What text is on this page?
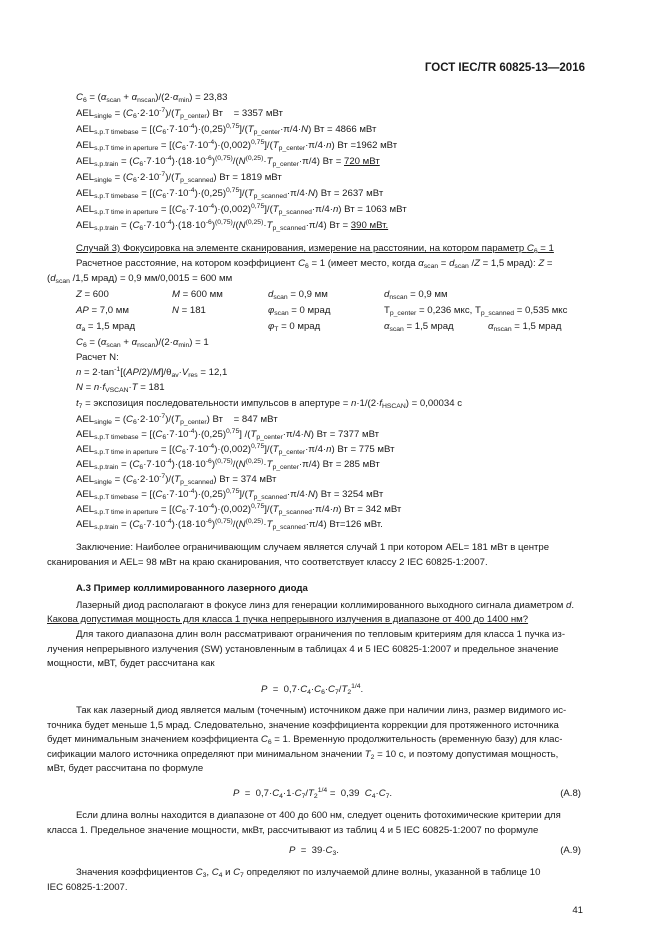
ГОСТ IEC/TR 60825-13—2016
$C_6 = (\alpha_{scan} + \alpha_{nscan})/(2\cdot\alpha_{min}) = 23,83$
$AEL_{single} = (C_6\cdot 2\cdot 10^{-7})/(T_{p\_center})$ Вт    = 3357 мВт
$AEL_{s.p.T timebase} = [(C_6\cdot 7\cdot 10^{-4})\cdot(0,25)^{0,75}]/(T_{p\_center}\cdot\pi/4\cdot N)$ Вт = 4866 мВт
$AEL_{s.p.T time in aperture} = [(C_6\cdot 7\cdot 10^{-4})\cdot(0,002)^{0,75}]/(T_{p\_center}\cdot\pi/4\cdot n)$ Вт =1962 мВт
$AEL_{s.p.train} = (C_6\cdot 7\cdot 10^{-4})\cdot(18\cdot 10^{-6})^{(0,75)}/(N^{(0,25)}\cdot T_{p\_center}\cdot\pi/4)$ Вт = 720 мВт
$AEL_{single} = (C_6\cdot 2\cdot 10^{-7})/(T_{p\_scanned})$ Вт = 1819 мВт
$AEL_{s.p.T timebase} = [(C_6\cdot 7\cdot 10^{-4})\cdot(0,25)^{0,75}]/(T_{p\_scanned}\cdot\pi/4\cdot N)$ Вт = 2637 мВт
$AEL_{s.p.T time in aperture} = [(C_6\cdot 7\cdot 10^{-4})\cdot(0,002)^{0,75}]/(T_{p\_scanned}\cdot\pi/4\cdot n)$ Вт = 1063 мВт
$AEL_{s.p.train} = (C_6\cdot 7\cdot 10^{-4})\cdot(18\cdot 10^{-6})^{(0,75)}/(N^{(0,25)}\cdot T_{p\_scanned}\cdot\pi/4)$ Вт = 390 мВт.
Случай 3) Фокусировка на элементе сканирования, измерение на расстоянии, на котором параметр $C_6 = 1$
Расчетное расстояние, на котором коэффициент $C_6 = 1$ (имеет место, когда $\alpha_{scan} = d_{scan}$ /Z = 1,5 мрад): Z =
($d_{scan}$ /1,5 мрад) = 0,9 мм/0,0015 = 600 мм
Z = 600	M = 600 мм	$d_{scan} = 0,9$ мм	$d_{nscan} = 0,9$ мм
AP = 7,0 мм	N = 181	$\varphi_{scan} = 0$ мрад	$T_{p\_center} = 0,236$ мкс, $T_{p\_scanned} = 0,535$ мкс
$\alpha_a = 1,5$ мрад	$\varphi_T = 0$ мрад	$\alpha_{scan} = 1,5$ мрад	$\alpha_{nscan} = 1,5$ мрад
$C_6 = (\alpha_{scan} + \alpha_{nscan})/(2\cdot\alpha_{min}) = 1$
Расчет N:
$n = 2\cdot\tan^{-1}[(AP/2)/M]/\theta_{av}\cdot V_{res} = 12,1$
$N = n\cdot f_{VSCAN}\cdot T = 181$
$t_7$ = экспозиция последовательности импульсов в апертуре = $n\cdot 1/(2\cdot f_{HSCAN}) = 0,00034$ с
$AEL_{single} = (C_6\cdot 2\cdot 10^{-7})/(T_{p\_center})$ Вт    = 847 мВт
$AEL_{s.p.T timebase} = [(C_6\cdot 7\cdot 10^{-4})\cdot(0,25)^{0,75}]$ $/(T_{p\_center}\cdot\pi/4\cdot N)$ Вт = 7377 мВт
$AEL_{s.p.T time in aperture} = [(C_6\cdot 7\cdot 10^{-4})\cdot(0,002)^{0,75}]/(T_{p\_center}\cdot\pi/4\cdot n)$ Вт = 775 мВт
$AEL_{s.p.train} = (C_6\cdot 7\cdot 10^{-4})\cdot(18\cdot 10^{-6})^{(0,75)}/(N^{(0,25)}\cdot T_{p\_center}\cdot\pi/4)$ Вт = 285 мВт
$AEL_{single} = (C_6\cdot 2\cdot 10^{-7})/(T_{p\_scanned})$ Вт = 374 мВт
$AEL_{s.p.T timebase} = [(C_6\cdot 7\cdot 10^{-4})\cdot(0,25)^{0,75}]/(T_{p\_scanned}\cdot\pi/4\cdot N)$ Вт = 3254 мВт
$AEL_{s.p.T time in aperture} = [(C_6\cdot 7\cdot 10^{-4})\cdot(0,002)^{0,75}]/(T_{p\_scanned}\cdot\pi/4\cdot n)$ Вт = 342 мВт
$AEL_{s.p.train} = (C_6\cdot 7\cdot 10^{-4})\cdot(18\cdot 10^{-6})^{(0,75)}/(N^{(0,25)}\cdot T_{p\_scanned}\cdot\pi/4)$ Вт=126 мВт.
Заключение: Наиболее ограничивающим случаем является случай 1 при котором AEL= 181 мВт в центре
сканирования и AEL= 98 мВт на краю сканирования, что соответствует классу 2 IEC 60825-1:2007.
A.3 Пример коллимированного лазерного диода
Лазерный диод располагают в фокусе линз для генерации коллимированного выходного сигнала диаметром d.
Какова допустимая мощность для класса 1 пучка непрерывного излучения в диапазоне от 400 до 1400 нм?
Для такого диапазона длин волн рассматривают ограничения по тепловым критериям для класса 1 пучка из-
лучения непрерывного излучения (SW) установленным в таблицах 4 и 5 IEC 60825-1:2007 и предельное значение
мощности, мВТ, будет рассчитана как
$P = 0,7\cdot C_4\cdot C_6\cdot C_7/T_2^{1/4}$.
Так как лазерный диод является малым (точечным) источником даже при наличии линз, размер видимого ис-
точника будет меньше 1,5 мрад. Следовательно, значение коэффициента коррекции для протяженного источника
будет минимальным значением коэффициента $C_6 = 1$. Временную продолжительность (временную базу) для клас-
сификации малого источника определяют при минимальном значении $T_2 = 10$ с, и поэтому допустимая мощность,
мВт, будет рассчитана по формуле
$P = 0,7\cdot C_4\cdot 1\cdot C_7/T_2^{1/4} = 0,39$  $C_4\cdot C_7$.	(A.8)
Если длина волны находится в диапазоне от 400 до 600 нм, следует оценить фотохимические критерии для
класса 1. Предельное значение мощности, мкВт, рассчитывают из таблиц 4 и 5 IEC 60825-1:2007 по формуле
$P = 39\cdot C_3$.	(A.9)
Значения коэффициентов $C_3$, $C_4$ и $C_7$ определяют по излучаемой длине волны, указанной в таблице 10
IEC 60825-1:2007.
41
